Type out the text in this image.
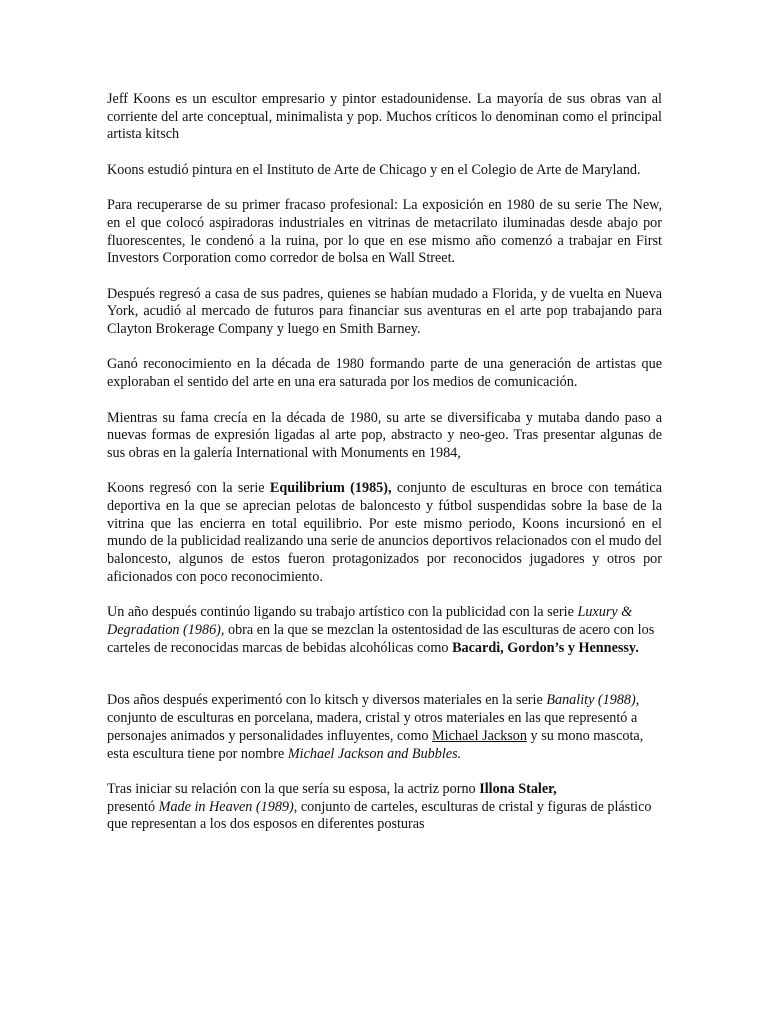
Jeff Koons es un escultor empresario y pintor estadounidense. La mayoría de sus obras van al corriente del arte conceptual, minimalista y pop. Muchos críticos lo denominan como el principal artista kitsch

Koons estudió pintura en el Instituto de Arte de Chicago y en el Colegio de Arte de Maryland.

Para recuperarse de su primer fracaso profesional: La exposición en 1980 de su serie The New, en el que colocó aspiradoras industriales en vitrinas de metacrilato iluminadas desde abajo por fluorescentes, le condenó a la ruina, por lo que en ese mismo año comenzó a trabajar en First Investors Corporation como corredor de bolsa en Wall Street.

Después regresó a casa de sus padres, quienes se habían mudado a Florida, y de vuelta en Nueva York, acudió al mercado de futuros para financiar sus aventuras en el arte pop trabajando para Clayton Brokerage Company y luego en Smith Barney.

Ganó reconocimiento en la década de 1980 formando parte de una generación de artistas que exploraban el sentido del arte en una era saturada por los medios de comunicación.

Mientras su fama crecía en la década de 1980, su arte se diversificaba y mutaba dando paso a nuevas formas de expresión ligadas al arte pop, abstracto y neo-geo. Tras presentar algunas de sus obras en la galería International with Monuments en 1984,

Koons regresó con la serie Equilibrium (1985), conjunto de esculturas en broce con temática deportiva en la que se aprecian pelotas de baloncesto y fútbol suspendidas sobre la base de la vitrina que las encierra en total equilibrio. Por este mismo periodo, Koons incursionó en el mundo de la publicidad realizando una serie de anuncios deportivos relacionados con el mudo del baloncesto, algunos de estos fueron protagonizados por reconocidos jugadores y otros por aficionados con poco reconocimiento.

Un año después continúo ligando su trabajo artístico con la publicidad con la serie Luxury & Degradation (1986), obra en la que se mezclan la ostentosidad de las esculturas de acero con los carteles de reconocidas marcas de bebidas alcohólicas como Bacardi, Gordon’s y Hennessy.

Dos años después experimentó con lo kitsch y diversos materiales en la serie Banality (1988), conjunto de esculturas en porcelana, madera, cristal y otros materiales en las que representó a personajes animados y personalidades influyentes, como Michael Jackson y su mono mascota, esta escultura tiene por nombre Michael Jackson and Bubbles.

Tras iniciar su relación con la que sería su esposa, la actriz porno Illona Staler,
presentó Made in Heaven (1989), conjunto de carteles, esculturas de cristal y figuras de plástico que representan a los dos esposos en diferentes posturas
